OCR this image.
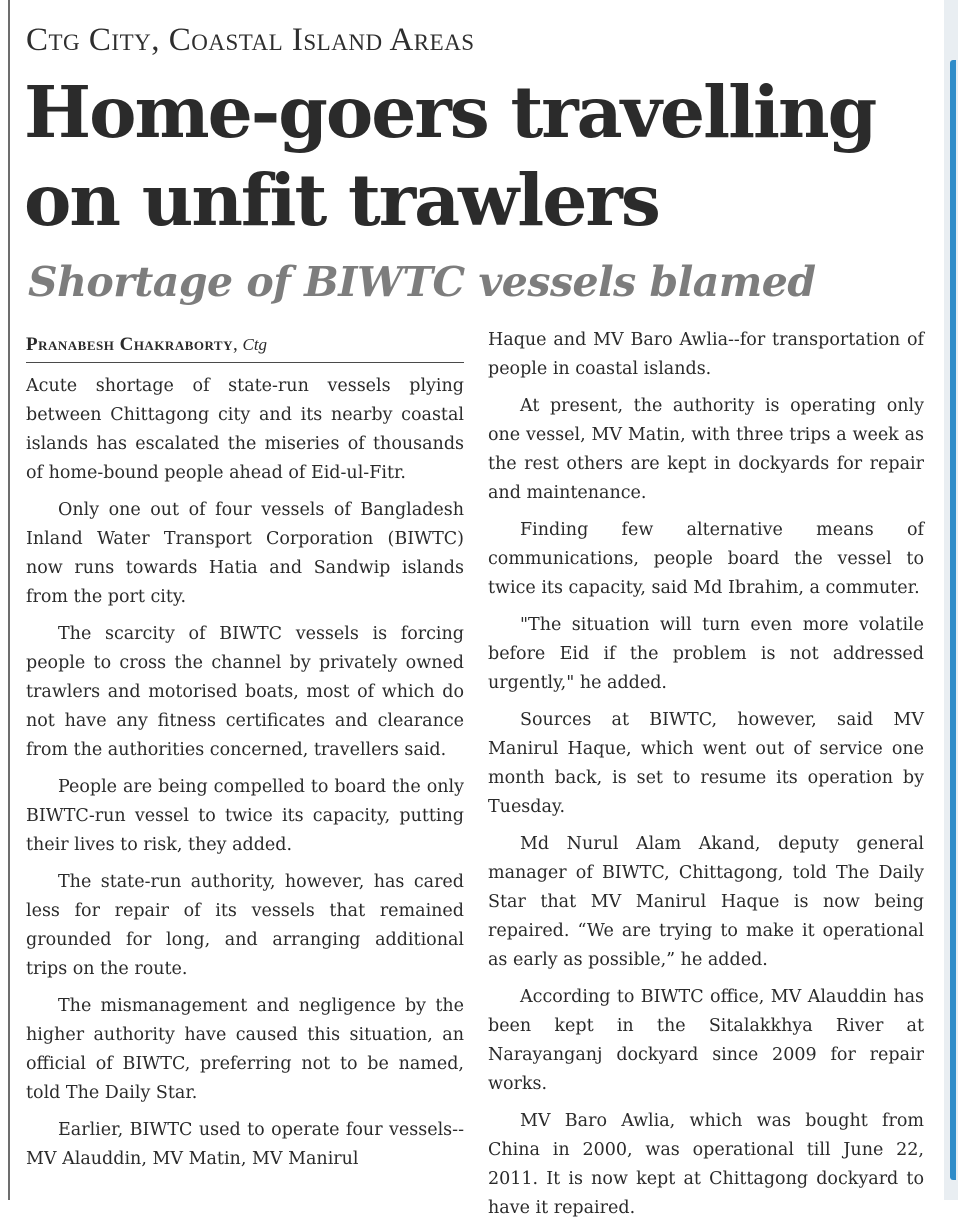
Ctg City, Coastal Island Areas
Home-goers travelling on unfit trawlers
Shortage of BIWTC vessels blamed
Pranabesh Chakraborty, Ctg

Acute shortage of state-run vessels plying between Chittagong city and its nearby coastal islands has escalated the miseries of thousands of home-bound people ahead of Eid-ul-Fitr.

Only one out of four vessels of Bangladesh Inland Water Transport Corporation (BIWTC) now runs towards Hatia and Sandwip islands from the port city.

The scarcity of BIWTC vessels is forcing people to cross the channel by privately owned trawlers and motorised boats, most of which do not have any fitness certificates and clearance from the authorities concerned, travellers said.

People are being compelled to board the only BIWTC-run vessel to twice its capacity, putting their lives to risk, they added.

The state-run authority, however, has cared less for repair of its vessels that remained grounded for long, and arranging additional trips on the route.

The mismanagement and negligence by the higher authority have caused this situation, an official of BIWTC, preferring not to be named, told The Daily Star.

Earlier, BIWTC used to operate four vessels-- MV Alauddin, MV Matin, MV Manirul

Haque and MV Baro Awlia--for transportation of people in coastal islands.

At present, the authority is operating only one vessel, MV Matin, with three trips a week as the rest others are kept in dockyards for repair and maintenance.

Finding few alternative means of communications, people board the vessel to twice its capacity, said Md Ibrahim, a commuter.

"The situation will turn even more volatile before Eid if the problem is not addressed urgently," he added.

Sources at BIWTC, however, said MV Manirul Haque, which went out of service one month back, is set to resume its operation by Tuesday.

Md Nurul Alam Akand, deputy general manager of BIWTC, Chittagong, told The Daily Star that MV Manirul Haque is now being repaired. “We are trying to make it operational as early as possible,” he added.

According to BIWTC office, MV Alauddin has been kept in the Sitalakkhya River at Narayanganj dockyard since 2009 for repair works.

MV Baro Awlia, which was bought from China in 2000, was operational till June 22, 2011. It is now kept at Chittagong dockyard to have it repaired.
